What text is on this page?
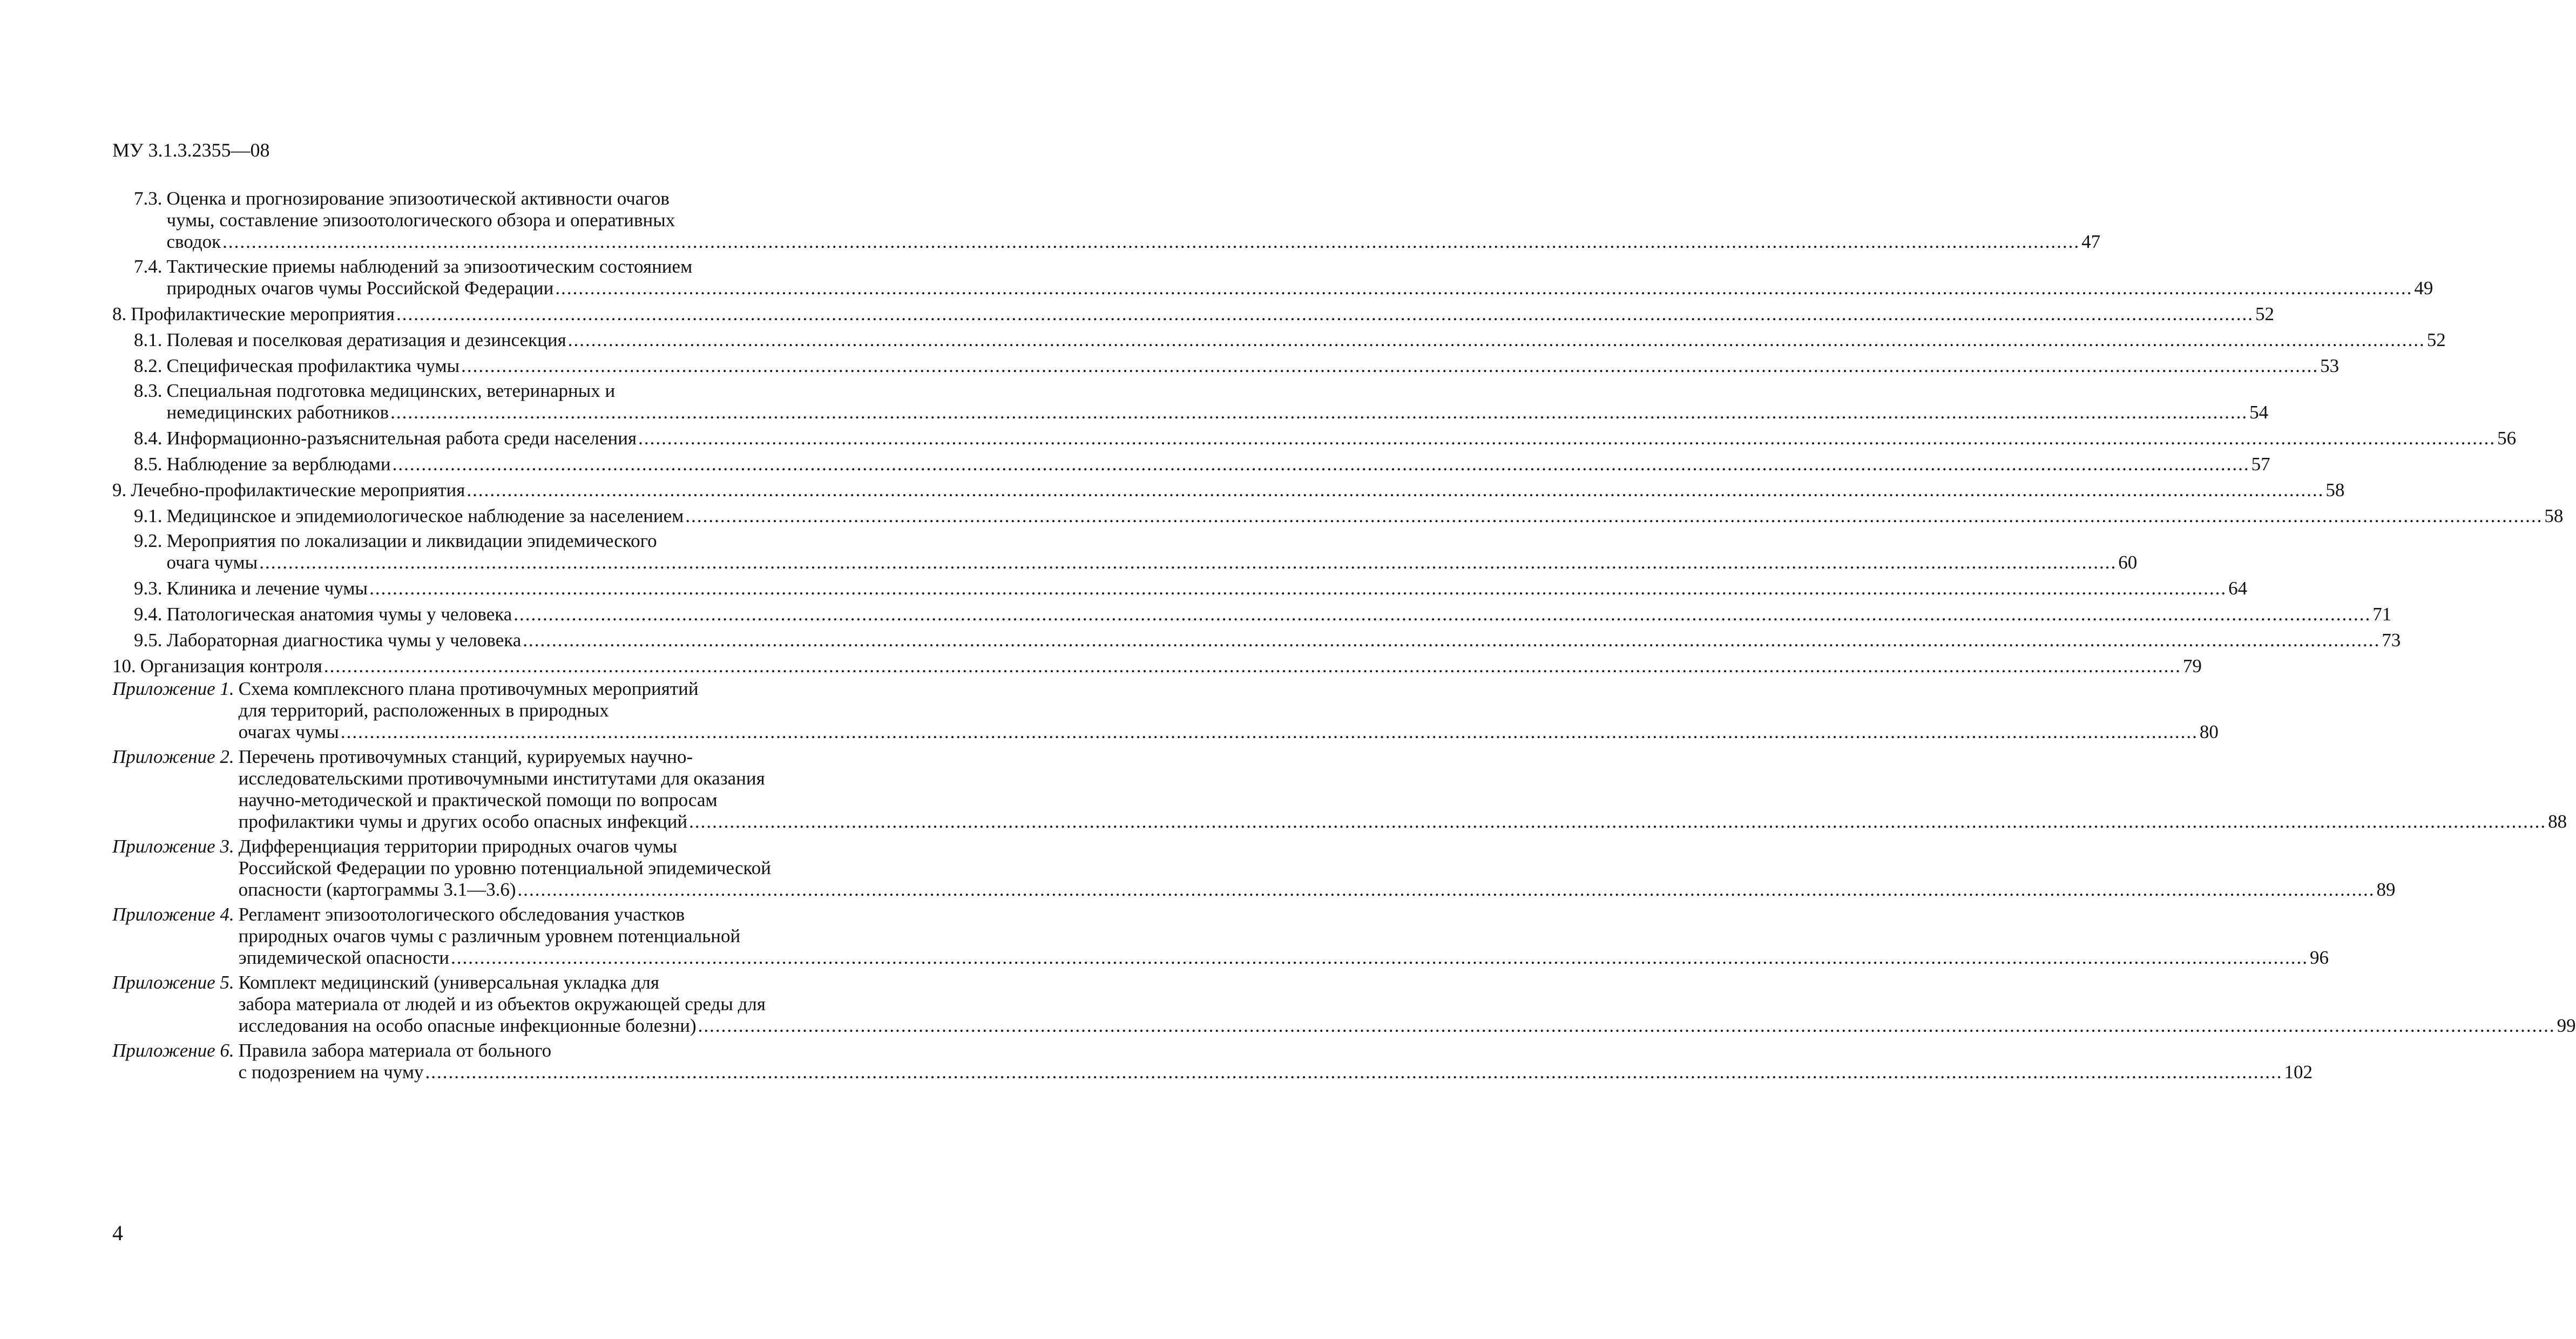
МУ 3.1.3.2355—08
7.3. Оценка и прогнозирование эпизоотической активности очагов
чумы, составление эпизоотологического обзора и оперативных
сводок .....	47
7.4. Тактические приемы наблюдений за эпизоотическим состоянием
природных очагов чумы Российской Федерации .....	49
8. Профилактические мероприятия .....	52
8.1. Полевая и поселковая дератизация и дезинсекция .....	52
8.2. Специфическая профилактика чумы .....	53
8.3. Специальная подготовка медицинских, ветеринарных и
немедицинских работников .....	54
8.4. Информационно-разъяснительная работа среди населения .....	56
8.5. Наблюдение за верблюдами .....	57
9. Лечебно-профилактические мероприятия .....	58
9.1. Медицинское и эпидемиологическое наблюдение за населением .....	58
9.2. Мероприятия по локализации и ликвидации эпидемического
очага чумы .....	60
9.3. Клиника и лечение чумы .....	64
9.4. Патологическая анатомия чумы у человека .....	71
9.5. Лабораторная диагностика чумы у человека .....	73
10. Организация контроля .....	79
Приложение 1. Схема комплексного плана противочумных мероприятий
для территорий, расположенных в природных
очагах чумы .....	80
Приложение 2. Перечень противочумных станций, курируемых научно-
исследовательскими противочумными институтами для оказания
научно-методической и практической помощи по вопросам
профилактики чумы и других особо опасных инфекций .....	88
Приложение 3. Дифференциация территории природных очагов чумы
Российской Федерации по уровню потенциальной эпидемической
опасности (картограммы 3.1—3.6) .....	89
Приложение 4. Регламент эпизоотологического обследования участков
природных очагов чумы с различным уровнем потенциальной
эпидемической опасности .....	96
Приложение 5. Комплект медицинский (универсальная укладка для
забора материала от людей и из объектов окружающей среды для
исследования на особо опасные инфекционные болезни) .....	99
Приложение 6. Правила забора материала от больного
с подозрением на чуму .....	102
4
